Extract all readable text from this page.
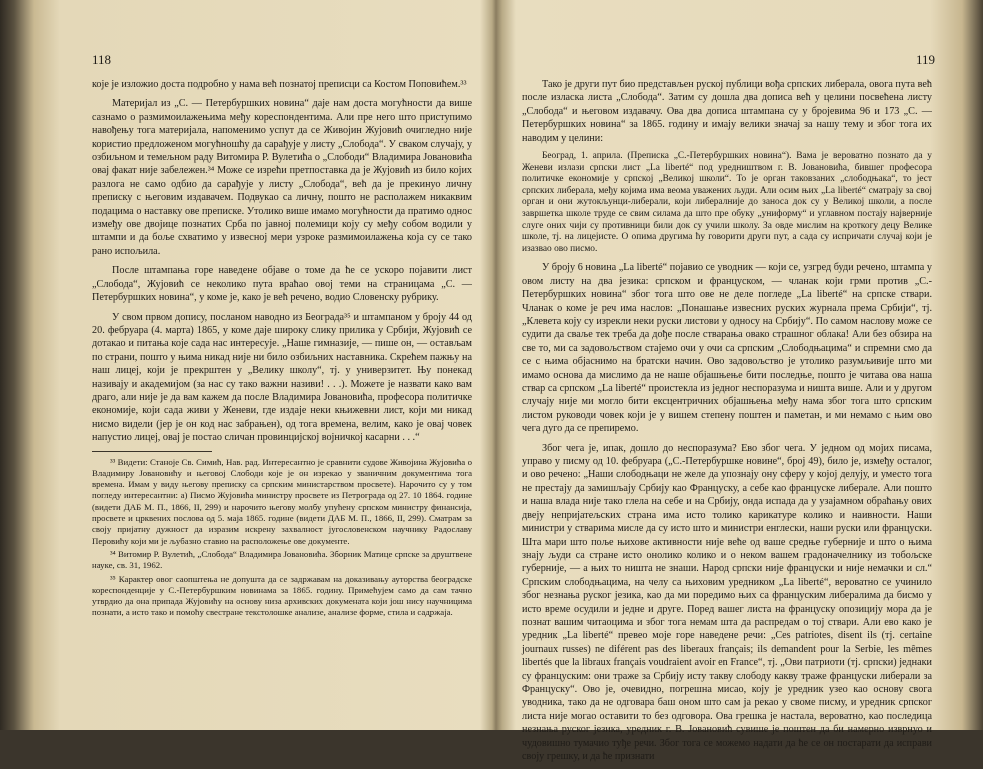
118

које је изложио доста подробно у нама већ познатој преписци са Костом Поповићем.³³

Материјал из „С. — Петербуршких новина“ даје нам доста могућности да више сазнамо о размимоилажењима међу кореспондентима. Али пре него што приступимо навођењу тога материјала, напоменимо успут да се Живојин Жујовић очигледно није користио предложеном могућношћу да сарађује у листу „Слобода“. У сваком случају, у озбиљном и темељном раду Витомира Р. Вулетића о „Слободи“ Владимира Јовановића овај факат није забележен.³⁴ Може се изрећи претпоставка да је Жујовић из било којих разлога не само одбио да сарађује у листу „Слобода“, већ да је прекинуо личну преписку с његовим издавачем. Подвукао са личну, пошто не располажем никаквим подацима о наставку ове преписке. Утолико више имамо могућности да пратимо однос између ове двојице познатих Срба по јавној полемици коју су међу собом водили у штампи и да боље схватимо у извесној мери узроке размимоилажења која су се тако рано испољила.

После штампања горе наведене објаве о томе да ће се ускоро појавити лист „Слобода“, Жујовић се неколико пута враћао овој теми на страницама „С. — Петербуршких новина“, у коме је, како је већ речено, водио Словенску рубрику.

У свом првом допису, посланом наводно из Београда³⁵ и штампаном у броју 44 од 20. фебруара (4. марта) 1865, у коме даје широку слику прилика у Србији, Жујовић се дотакао и питања које сада нас интересује. „Наше гимназије, — пише он, — остављам по страни, пошто у њима никад није ни било озбиљних наставника. Скрећем пажњу на наш лицеј, који је прекрштен у „Велику школу“, тј. у универзитет. Њу понекад називају и академијом (за нас су тако важни називи! . . .). Можете је назвати како вам драго, али није је да вам кажем да после Владимира Јовановића, професора политичке економије, који сада живи у Женеви, где издаје неки књижевни лист, који ми никад нисмо видели (јер је он код нас забрањен), од тога времена, велим, како је овај човек напустио лицеј, овај је постао сличан провинцијској војничкој касарни . . .“

³³ Видети: Станоје Св. Симић, Нав. рад. Интересантно је сравнити судове Живојина Жујовића о Владимиру Јовановићу и његовој Слободи које је он изрекао у званичним документима тога времена. Имам у виду његову преписку са српским министарством просвете). Нарочито су у том погледу интересантни: а) Писмо Жујовића министру просвете из Петрограда од 27. 10 1864. године (видети ДАБ М. П., 1866, II, 299) и нарочито његову молбу упућену српском министру финансија, просвете и црквених послова од 5. маја 1865. године (видети ДАБ М. П., 1866, II, 299). Сматрам за своју пријатну дужност да изразим искрену захвалност југословенском научнику Радославу Перовићу који ми је љубазно ставио на расположење ове документе.

³⁴ Витомир Р. Вулетић, „Слобода“ Владимира Јовановића. Зборник Матице српске за друштвене науке, св. 31, 1962.

³⁵ Карактер овог саопштења не допушта да се задржавам на доказивању ауторства београдске кореспонденције у С.-Петербуршким новинама за 1865. годину. Примећујем само да сам тачно утврдио да она припада Жујовићу на основу низа архивских докумената који још нису научницима познати, а исто тако и помоћу свестране текстолошке анализе, анализе форме, стила и садржаја.

119

Тако је други пут био представљен руској публици вођа српских либерала, овога пута већ после изласка листа „Слобода“. Затим су дошла два дописа већ у целини посвећена листу „Слобода“ и његовом издавачу. Ова два дописа штампана су у бројевима 96 и 173 „С. — Петербуршких новина“ за 1865. годину и имају велики значај за нашу тему и због тога их наводим у целини:

Београд, 1. априла. (Преписка „С.-Петербуршких новина“). Вама је вероватно познато да у Женеви излази српски лист „La liberté“ под уредништвом г. В. Јовановића, бившег професора политичке економије у српској „Великој школи“. То је орган таковзаних „слободњака“, то јест српских либерала, међу којима има веома уважених људи. Али осим њих „La liberté“ сматрају за свој орган и они жутокљунци-либерали, који либералније до заноса док су у Великој школи, а после завршетка школе труде се свим силама да што пре обуку „униформу“ и углавном постају најверније слуге оних чији су противници били док су учили школу. За овде мислим на кроткогу децу Велике школе, тј. на лицејисте. О опима другима ћу говорити други пут, а сада су испричати случај који је изазвао ово писмо.

У броју 6 новина „La liberté“ појавио се уводник — који се, узгред буди речено, штампа у овом листу на два језика: српском и француском, — чланак који грми против „С.-Петербуршких новина“ због тога што ове не деле погледе „La liberté“ на српске ствари. Чланак о коме је реч има наслов: „Понашање извесних руских журнала према Србији“, тј. „Клевета коју су изрекли неки руски листови у односу на Србију“. По самом наслову може се судити да сваље тек треба да дође после стварања овако страшног облака! Али без обзира на све то, ми са задовољством стајемо очи у очи са српским „Слободњацима“ и спремни смо да се с њима објаснимо на братски начин. Ово задовољство је утолико разумљивије што ми имамо основа да мислимо да не наше објашњење бити последње, пошто је читава ова наша ствар са српском „La liberté“ проистекла из једног неспоразума и ништа више. Али и у другом случају није ми могло бити ексцентричних објашњења међу нама због тога што српским листом руководи човек који је у вишем степену поштен и паметан, и ми немамо с њим ово чега дуго да се препиремо.

Због чега је, ипак, дошло до неспоразума? Ево због чега. У једном од мојих писама, управо у писму од 10. фебруара („С.-Петербуршке новине“, број 49), било је, између осталог, и ово речено: „Наши слободњаци не желе да упознају ону сферу у којој делују, и уместо тога не престају да замишљају Србију као Француску, а себе као француске либерале. Али пошто и наша влада није тако глела на себе и на Србију, онда испада да у узајамном обраћању ових двеју непријатељских страна има исто толико карикатуре колико и наивности. Наши министри у стварима мисле да су исто што и министри енглески, наши руски или француски. Шта мари што поље њихове активности није веће од ваше средње губерније и што о њима знају људи са стране исто онолико колико и о неком вашем градоначелнику из тобољске губерније, — а њих то ништа не знаши. Народ српски није француски и није немачки и сл.“ Српским слободњацима, на челу са њиховим уредником „La liberté“, вероватно се учинило због незнања руског језика, као да ми поредимо њих са француским либералима да бисмо у исто време осудили и једне и друге. Поред вашег листа на француску опозицију мора да је познат вашим читаоцима и због тога немам шта да распредам о тој ствари. Али ево како је уредник „La liberté“ превео моје горе наведене речи: „Ces patriotes, disent ils (тј. certaine journaux russes) ne diférent pas des liberaux français; ils demandent pour la Serbie, les mêmes libertés que la libraux français voudraient avoir en France“, тј. „Ови патриоти (тј. српски) једнаки су француским: они траже за Србију исту такву слободу какву траже француски либерали за Француску“. Ово је, очевидно, погрешна мисао, коју је уредник узео као основу свога уводника, тако да не одговара баш оном што сам ја рекао у своме писму, и уредник српског листа није могао оставити то без одговора. Ова грешка је настала, вероватно, као последица незнања руског језика, уредник г. В. Јовановић сувише је поштен да би намерно изврнуо и чудовишно тумачио туђе речи. Због тога се можемо надати да ће се он постарати да исправи своју грешку, и да ће признати
